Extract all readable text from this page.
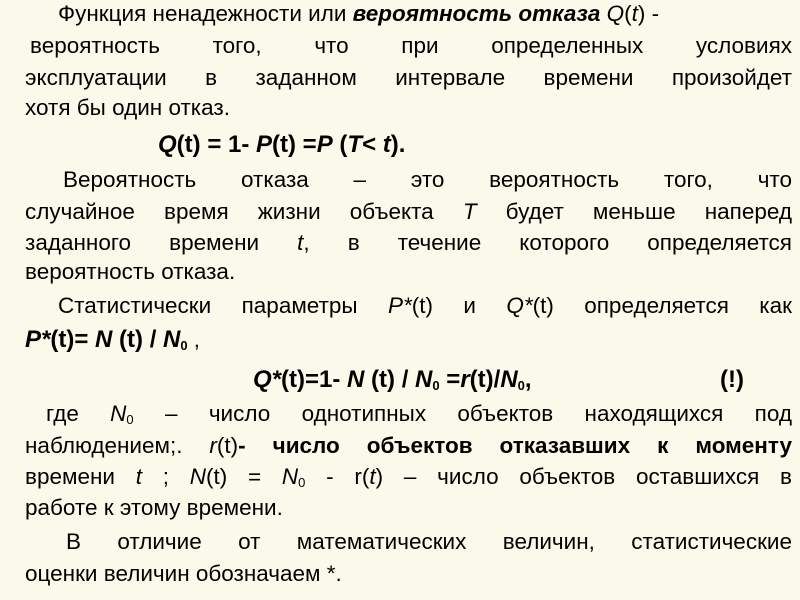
Функция ненадежности или вероятность отказа Q(t) -
вероятность того, что при определенных условиях
эксплуатации в заданном интервале времени произойдет
хотя бы один отказ.
Q(t) = 1- P(t) =P (T< t).
Вероятность отказа – это вероятность того, что
случайное время жизни объекта T будет меньше наперед
заданного времени t, в течение которого определяется
вероятность отказа.
Статистически параметры P*(t) и Q*(t) определяется как
P*(t)= N $(t) / N_0$ ,
Q*(t)=1- N $(t) / N_0 =r(t)/N_0$,	(!)
где $N_0$ – число однотипных объектов находящихся под
наблюдением;. r(t)- число объектов отказавших к моменту
времени t ; $N(t) = N_0 - r(t)$ – число объектов оставшихся в
работе к этому времени.
В отличие от математических величин, статистические
оценки величин обозначаем *.
